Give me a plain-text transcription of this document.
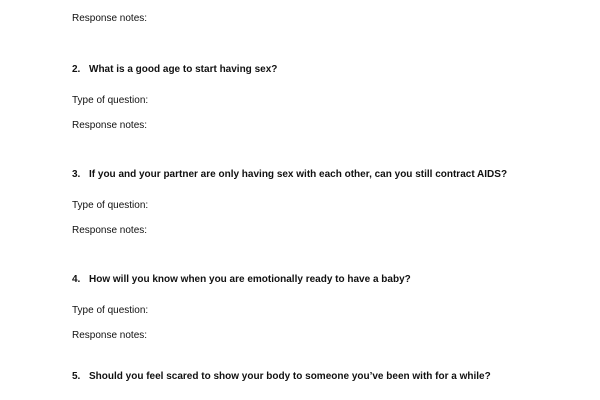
Response notes:
2. What is a good age to start having sex?
Type of question:
Response notes:
3. If you and your partner are only having sex with each other, can you still contract AIDS?
Type of question:
Response notes:
4. How will you know when you are emotionally ready to have a baby?
Type of question:
Response notes:
5. Should you feel scared to show your body to someone you’ve been with for a while?
